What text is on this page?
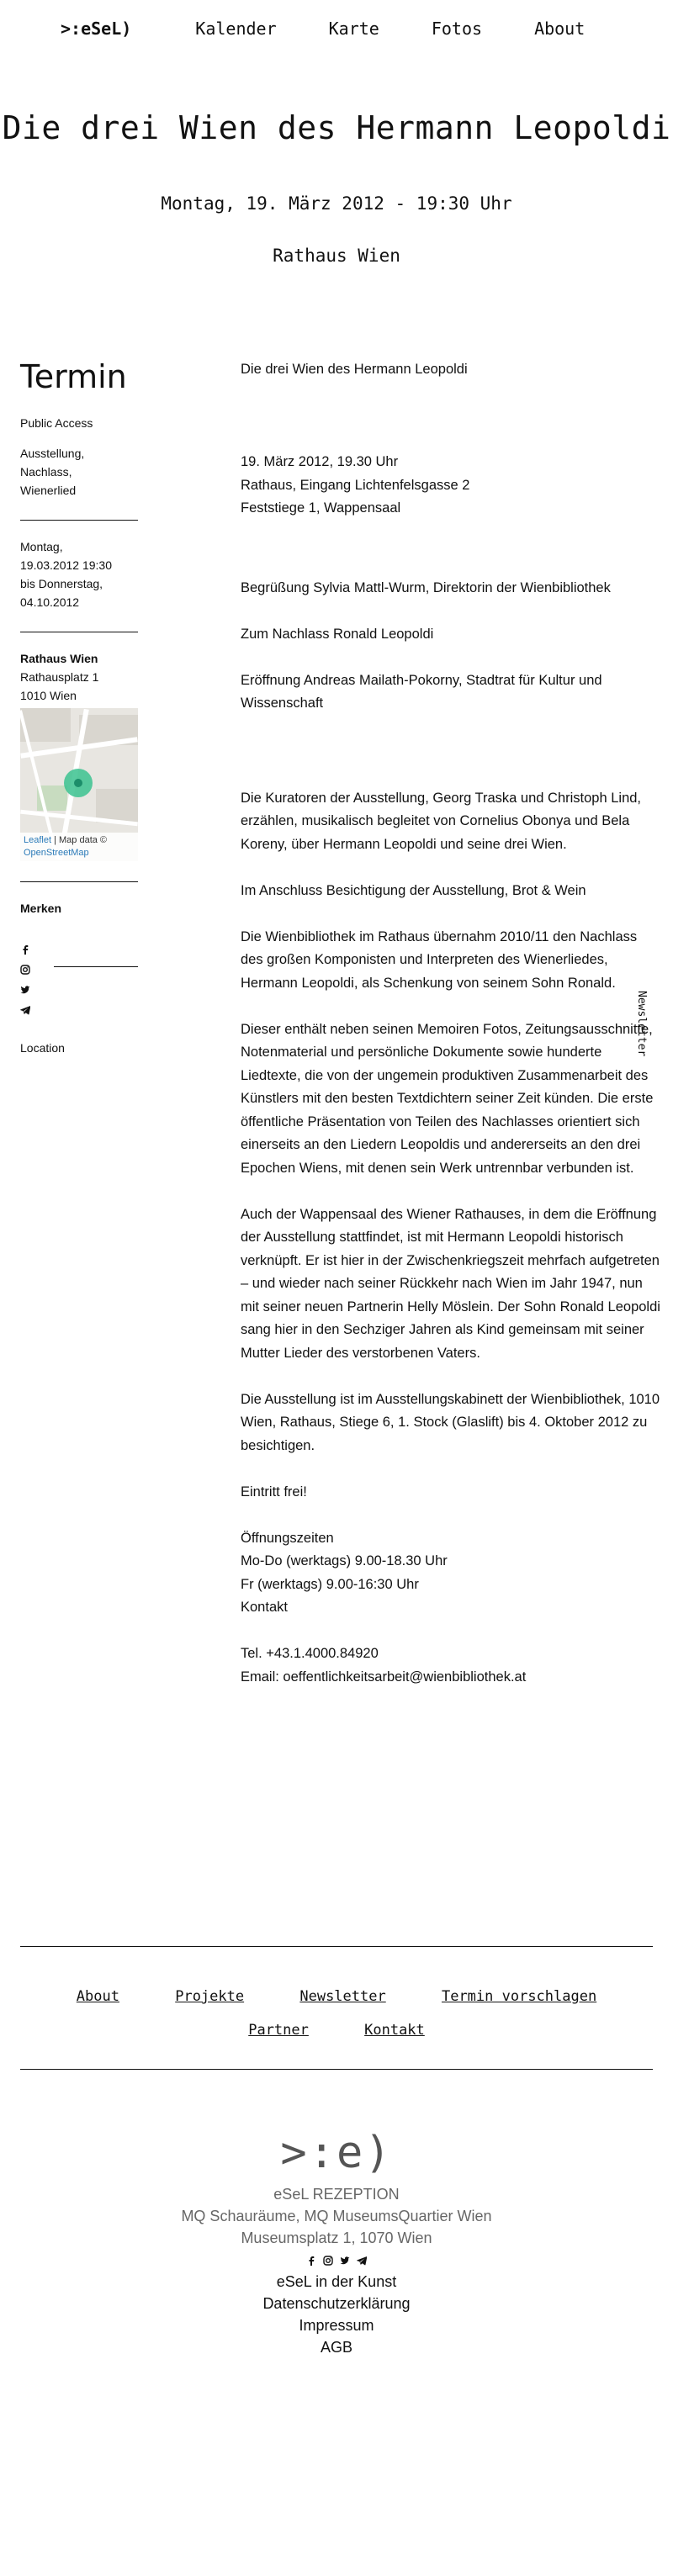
>:eSeL)	Kalender	Karte	Fotos	About
Die drei Wien des Hermann Leopoldi
Montag, 19. März 2012 - 19:30 Uhr
Rathaus Wien
Termin
Public Access
Ausstellung,
Nachlass,
Wienerlied
Montag,
19.03.2012 19:30
bis Donnerstag,
04.10.2012
Rathaus Wien
Rathausplatz 1
1010 Wien
Leaflet | Map data ©
OpenStreetMap
Merken
Location

Die drei Wien des Hermann Leopoldi

19. März 2012, 19.30 Uhr

Rathaus, Eingang Lichtenfelsgasse 2

Feststiege 1, Wappensaal

Begrüßung Sylvia Mattl-Wurm, Direktorin der Wienbibliothek

Zum Nachlass Ronald Leopoldi

Eröffnung Andreas Mailath-Pokorny, Stadtrat für Kultur und Wissenschaft

Die Kuratoren der Ausstellung, Georg Traska und Christoph Lind, erzählen, musikalisch begleitet von Cornelius Obonya und Bela Koreny, über Hermann Leopoldi und seine drei Wien.

Im Anschluss Besichtigung der Ausstellung, Brot & Wein

Die Wienbibliothek im Rathaus übernahm 2010/11 den Nachlass des großen Komponisten und Interpreten des Wienerliedes, Hermann Leopoldi, als Schenkung von seinem Sohn Ronald.

Dieser enthält neben seinen Memoiren Fotos, Zeitungsausschnitte, Notenmaterial und persönliche Dokumente sowie hunderte Liedtexte, die von der ungemein produktiven Zusammenarbeit des Künstlers mit den besten Textdichtern seiner Zeit künden. Die erste öffentliche Präsentation von Teilen des Nachlasses orientiert sich einerseits an den Liedern Leopoldis und andererseits an den drei Epochen Wiens, mit denen sein Werk untrennbar verbunden ist.

Auch der Wappensaal des Wiener Rathauses, in dem die Eröffnung der Ausstellung stattfindet, ist mit Hermann Leopoldi historisch verknüpft. Er ist hier in der Zwischenkriegszeit mehrfach aufgetreten – und wieder nach seiner Rückkehr nach Wien im Jahr 1947, nun mit seiner neuen Partnerin Helly Möslein. Der Sohn Ronald Leopoldi sang hier in den Sechziger Jahren als Kind gemeinsam mit seiner Mutter Lieder des verstorbenen Vaters.

Die Ausstellung ist im Ausstellungskabinett der Wienbibliothek, 1010 Wien, Rathaus, Stiege 6, 1. Stock (Glaslift) bis 4. Oktober 2012 zu besichtigen.

Eintritt frei!

Öffnungszeiten

Mo-Do (werktags) 9.00-18.30 Uhr

Fr (werktags) 9.00-16:30 Uhr

Kontakt

Tel. +43.1.4000.84920

Email: oeffentlichkeitsarbeit@wienbibliothek.at

Newsletter
About	Projekte	Newsletter	Termin vorschlagen
Partner	Kontakt
>:e)
eSeL REZEPTION
MQ Schauräume, MQ MuseumsQuartier Wien
Museumsplatz 1, 1070 Wien
eSeL in der Kunst
Datenschutzerklärung
Impressum
AGB
